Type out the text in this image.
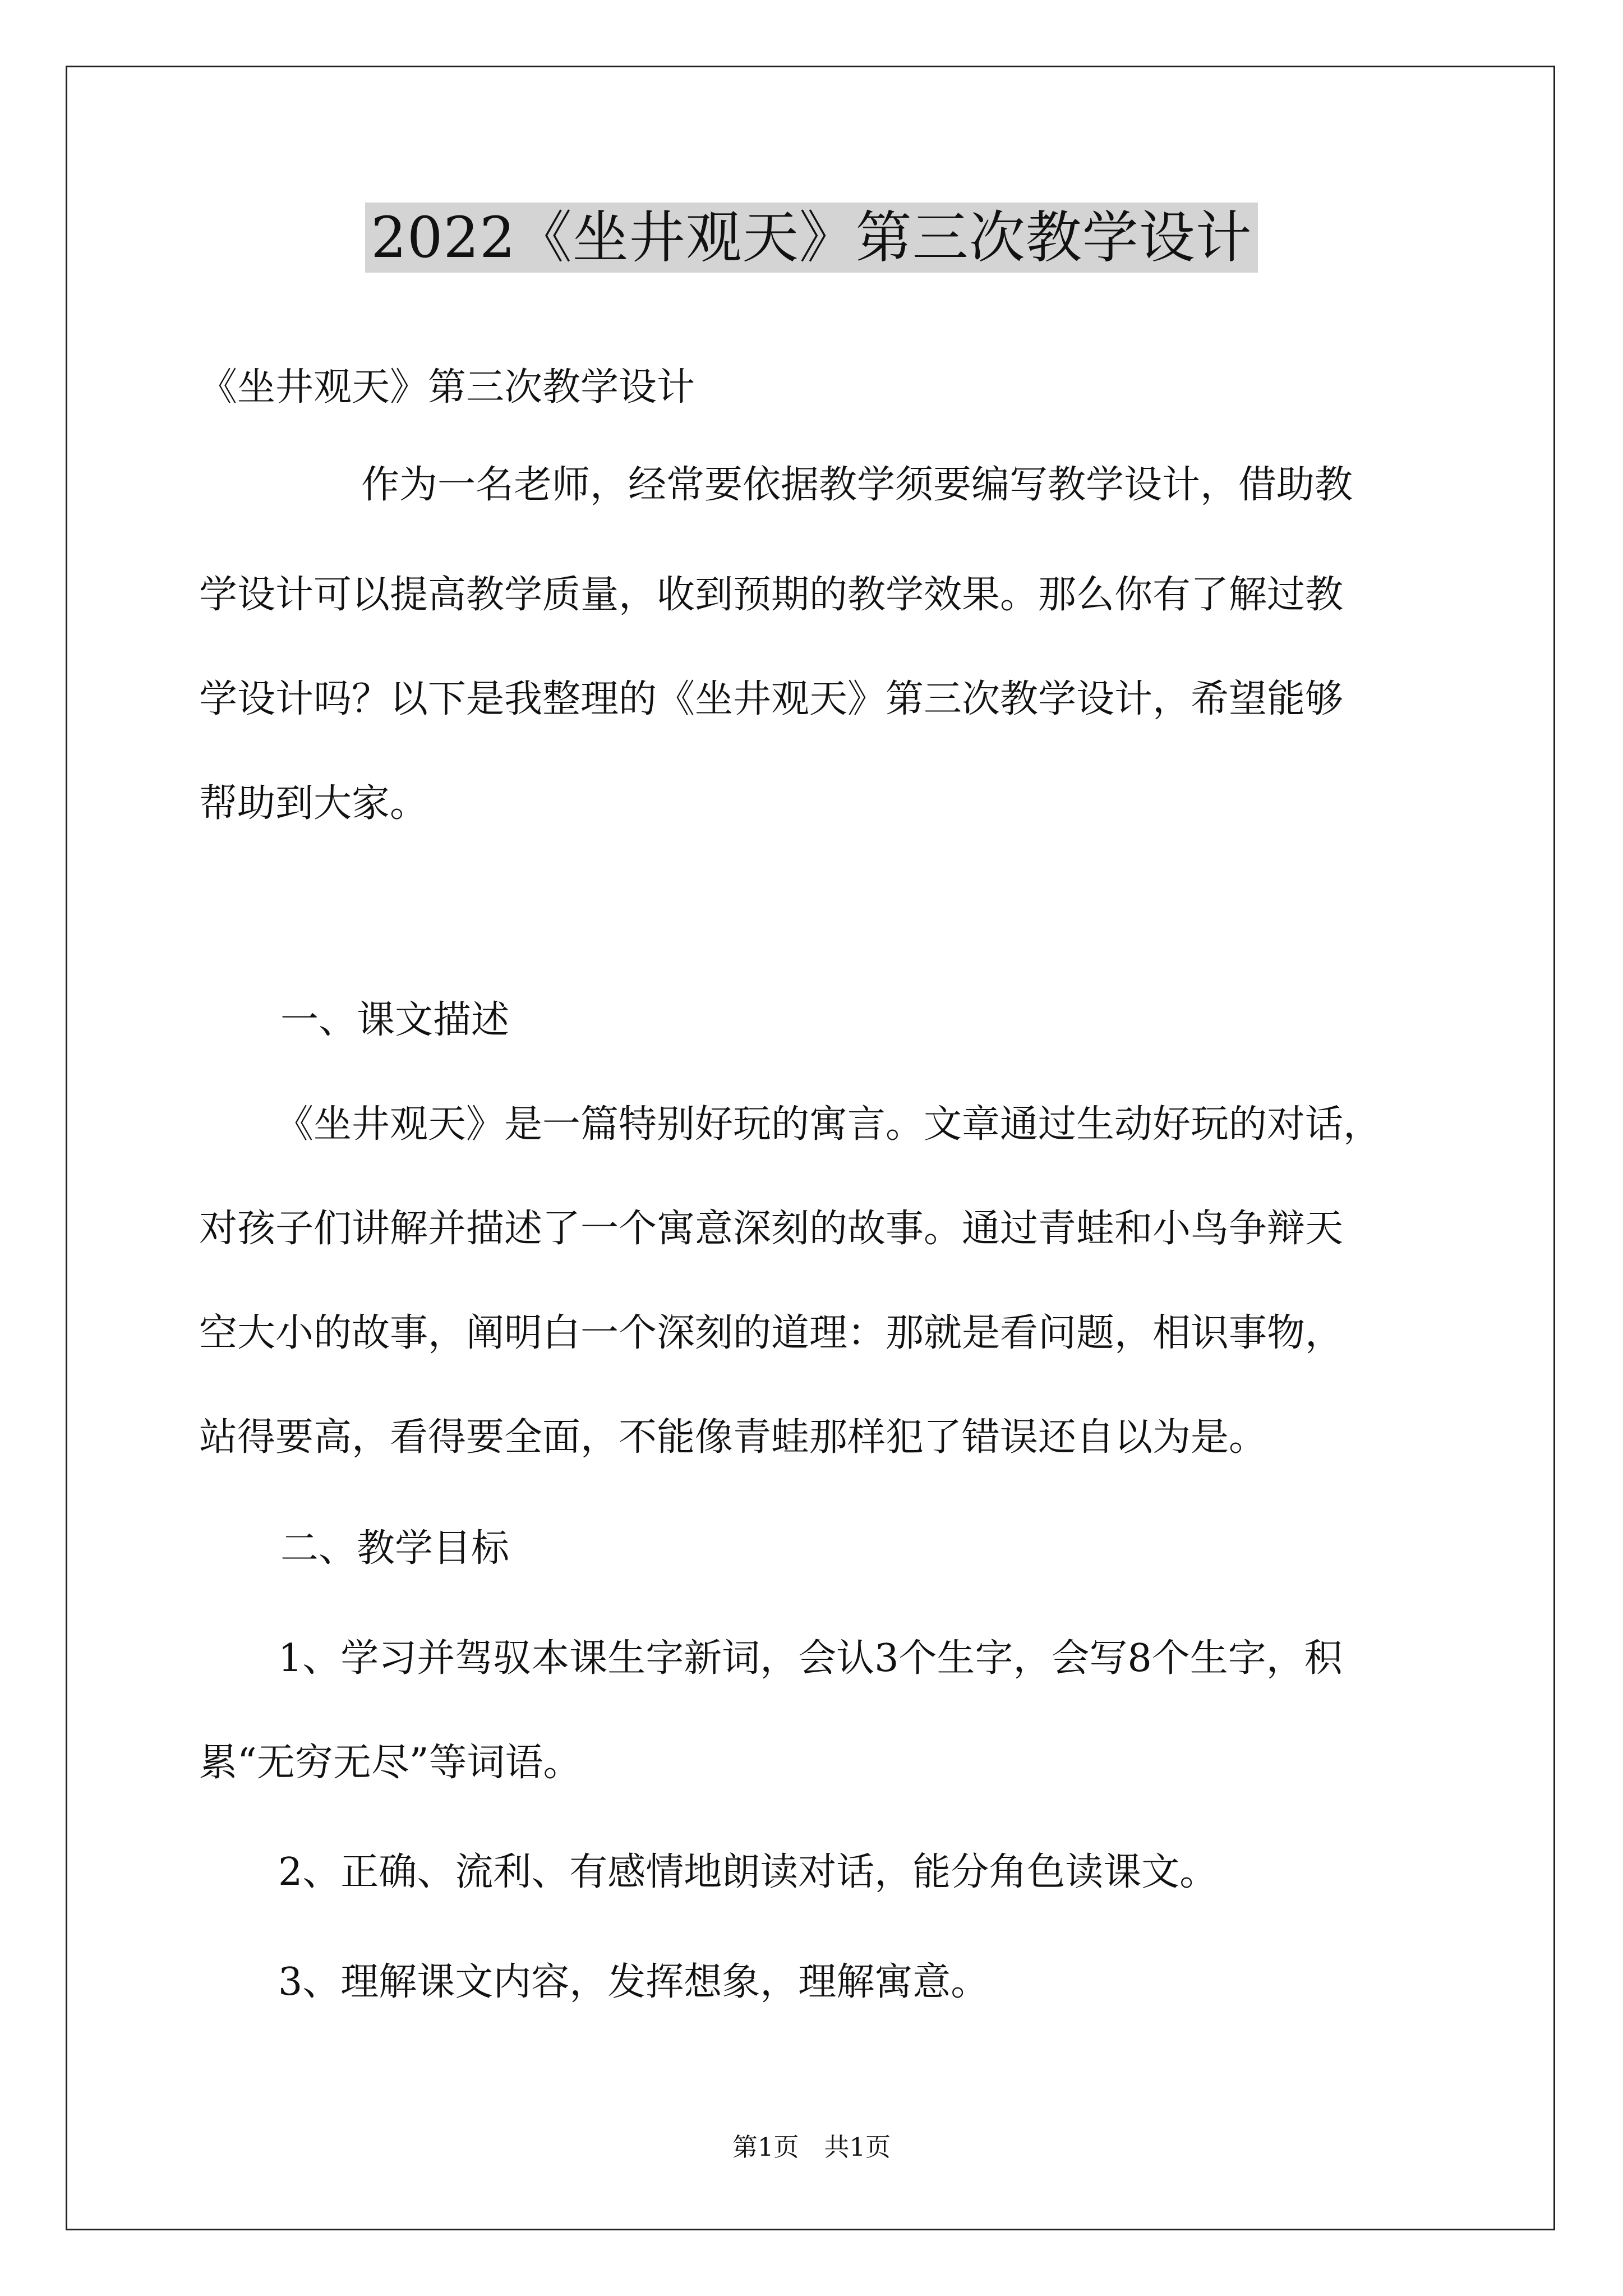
2022《坐井观天》第三次教学设计

《坐井观天》第三次教学设计

作为一名老师，经常要依据教学须要编写教学设计，借助教

学设计可以提高教学质量，收到预期的教学效果。那么你有了解过教

学设计吗？以下是我整理的《坐井观天》第三次教学设计，希望能够

帮助到大家。

一、课文描述

《坐井观天》是一篇特别好玩的寓言。文章通过生动好玩的对话，

对孩子们讲解并描述了一个寓意深刻的故事。通过青蛙和小鸟争辩天

空大小的故事，阐明白一个深刻的道理：那就是看问题，相识事物，

站得要高，看得要全面，不能像青蛙那样犯了错误还自以为是。

二、教学目标

1、学习并驾驭本课生字新词，会认3个生字，会写8个生字，积

累“无穷无尽”等词语。

2、正确、流利、有感情地朗读对话，能分角色读课文。

3、理解课文内容，发挥想象，理解寓意。

第1页　共1页
